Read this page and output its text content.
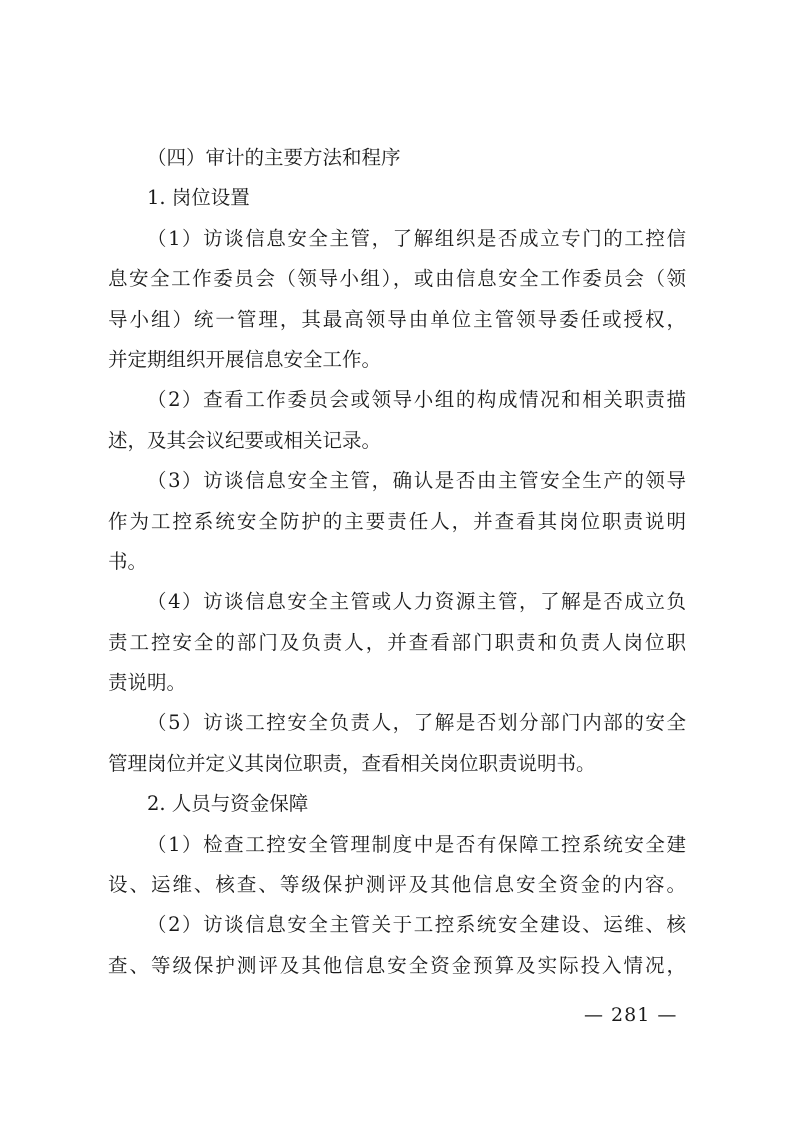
（四）审计的主要方法和程序

1. 岗位设置

（1）访谈信息安全主管，了解组织是否成立专门的工控信

息安全工作委员会（领导小组），或由信息安全工作委员会（领

导小组）统一管理，其最高领导由单位主管领导委任或授权，

并定期组织开展信息安全工作。

（2）查看工作委员会或领导小组的构成情况和相关职责描

述，及其会议纪要或相关记录。

（3）访谈信息安全主管，确认是否由主管安全生产的领导

作为工控系统安全防护的主要责任人，并查看其岗位职责说明

书。

（4）访谈信息安全主管或人力资源主管，了解是否成立负

责工控安全的部门及负责人，并查看部门职责和负责人岗位职

责说明。

（5）访谈工控安全负责人，了解是否划分部门内部的安全

管理岗位并定义其岗位职责，查看相关岗位职责说明书。

2. 人员与资金保障

（1）检查工控安全管理制度中是否有保障工控系统安全建

设、运维、核查、等级保护测评及其他信息安全资金的内容。

（2）访谈信息安全主管关于工控系统安全建设、运维、核

查、等级保护测评及其他信息安全资金预算及实际投入情况，

— 281 —
